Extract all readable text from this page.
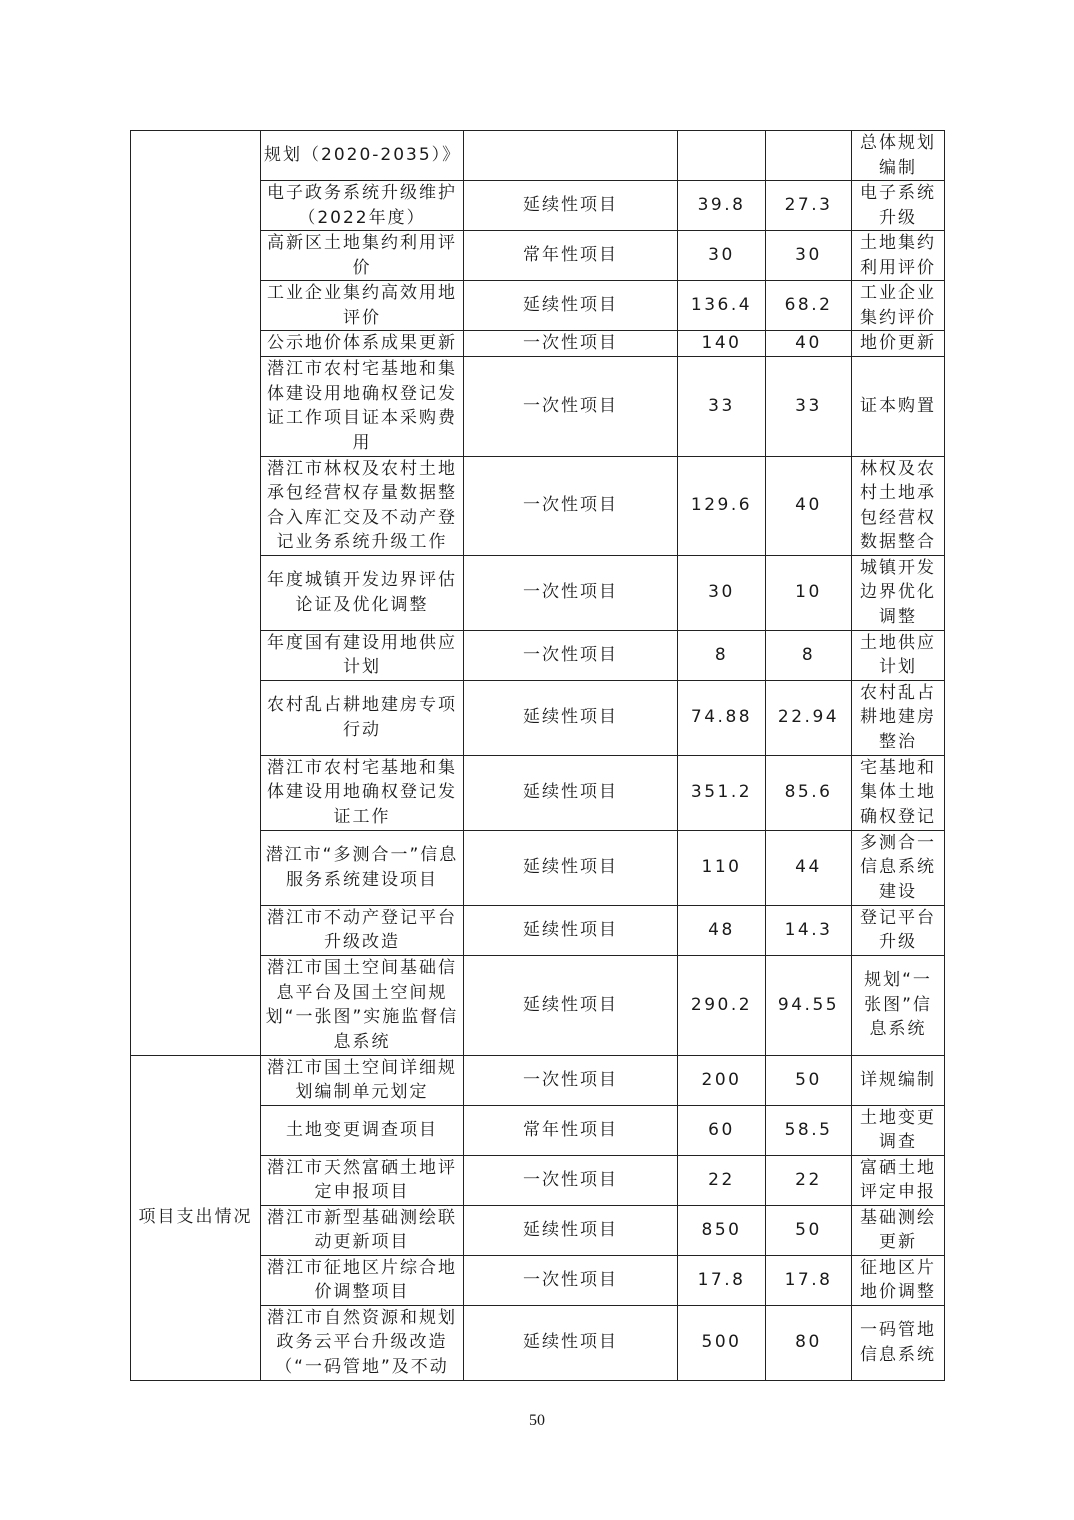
	规划（2020-2035）》				总体规划编制
	电子政务系统升级维护（2022年度）	延续性项目	39.8	27.3	电子系统升级
	高新区土地集约利用评价	常年性项目	30	30	土地集约利用评价
	工业企业集约高效用地评价	延续性项目	136.4	68.2	工业企业集约评价
	公示地价体系成果更新	一次性项目	140	40	地价更新
	潜江市农村宅基地和集体建设用地确权登记发证工作项目证本采购费用	一次性项目	33	33	证本购置
	潜江市林权及农村土地承包经营权存量数据整合入库汇交及不动产登记业务系统升级工作	一次性项目	129.6	40	林权及农村土地承包经营权数据整合
	年度城镇开发边界评估论证及优化调整	一次性项目	30	10	城镇开发边界优化调整
	年度国有建设用地供应计划	一次性项目	8	8	土地供应计划
	农村乱占耕地建房专项行动	延续性项目	74.88	22.94	农村乱占耕地建房整治
	潜江市农村宅基地和集体建设用地确权登记发证工作	延续性项目	351.2	85.6	宅基地和集体土地确权登记
	潜江市“多测合一”信息服务系统建设项目	延续性项目	110	44	多测合一信息系统建设
	潜江市不动产登记平台升级改造	延续性项目	48	14.3	登记平台升级
	潜江市国土空间基础信息平台及国土空间规划“一张图”实施监督信息系统	延续性项目	290.2	94.55	规划“一张图”信息系统
项目支出情况	潜江市国土空间详细规划编制单元划定	一次性项目	200	50	详规编制
	土地变更调查项目	常年性项目	60	58.5	土地变更调查
	潜江市天然富硒土地评定申报项目	一次性项目	22	22	富硒土地评定申报
	潜江市新型基础测绘联动更新项目	延续性项目	850	50	基础测绘更新
	潜江市征地区片综合地价调整项目	一次性项目	17.8	17.8	征地区片地价调整
	潜江市自然资源和规划政务云平台升级改造（“一码管地”及不动	延续性项目	500	80	一码管地信息系统
50
